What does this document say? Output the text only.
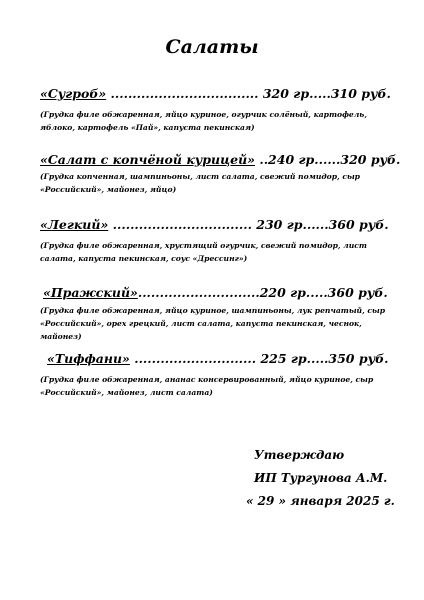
Салаты
«Сугроб» .................................. 320 гр.....310 руб.
(Грудка филе обжаренная, яйцо куриное, огурчик солёный, картофель, яблоко, картофель «Пай», капуста пекинская)
«Салат с копчёной курицей» ..240 гр......320 руб.
(Грудка копченная, шампиньоны, лист салата, свежий помидор, сыр «Российский», майонез, яйцо)
«Легкий» ................................ 230 гр......360 руб.
(Грудка филе обжаренная, хрустящий огурчик, свежий помидор, лист салата, капуста пекинская, соус «Дрессинг»)
«Пражский»............................220 гр.....360 руб.
(Грудка филе обжаренная, яйцо куриное, шампиньоны, лук репчатый, сыр «Российский», орех грецкий, лист салата, капуста пекинская, чеснок, майонез)
«Тиффани» ............................ 225 гр.....350 руб.
(Грудка филе обжаренная, ананас консервированный, яйцо куриное, сыр «Российский», майонез, лист салата)
Утверждаю
ИП Тургунова А.М.
« 29 » января 2025 г.
